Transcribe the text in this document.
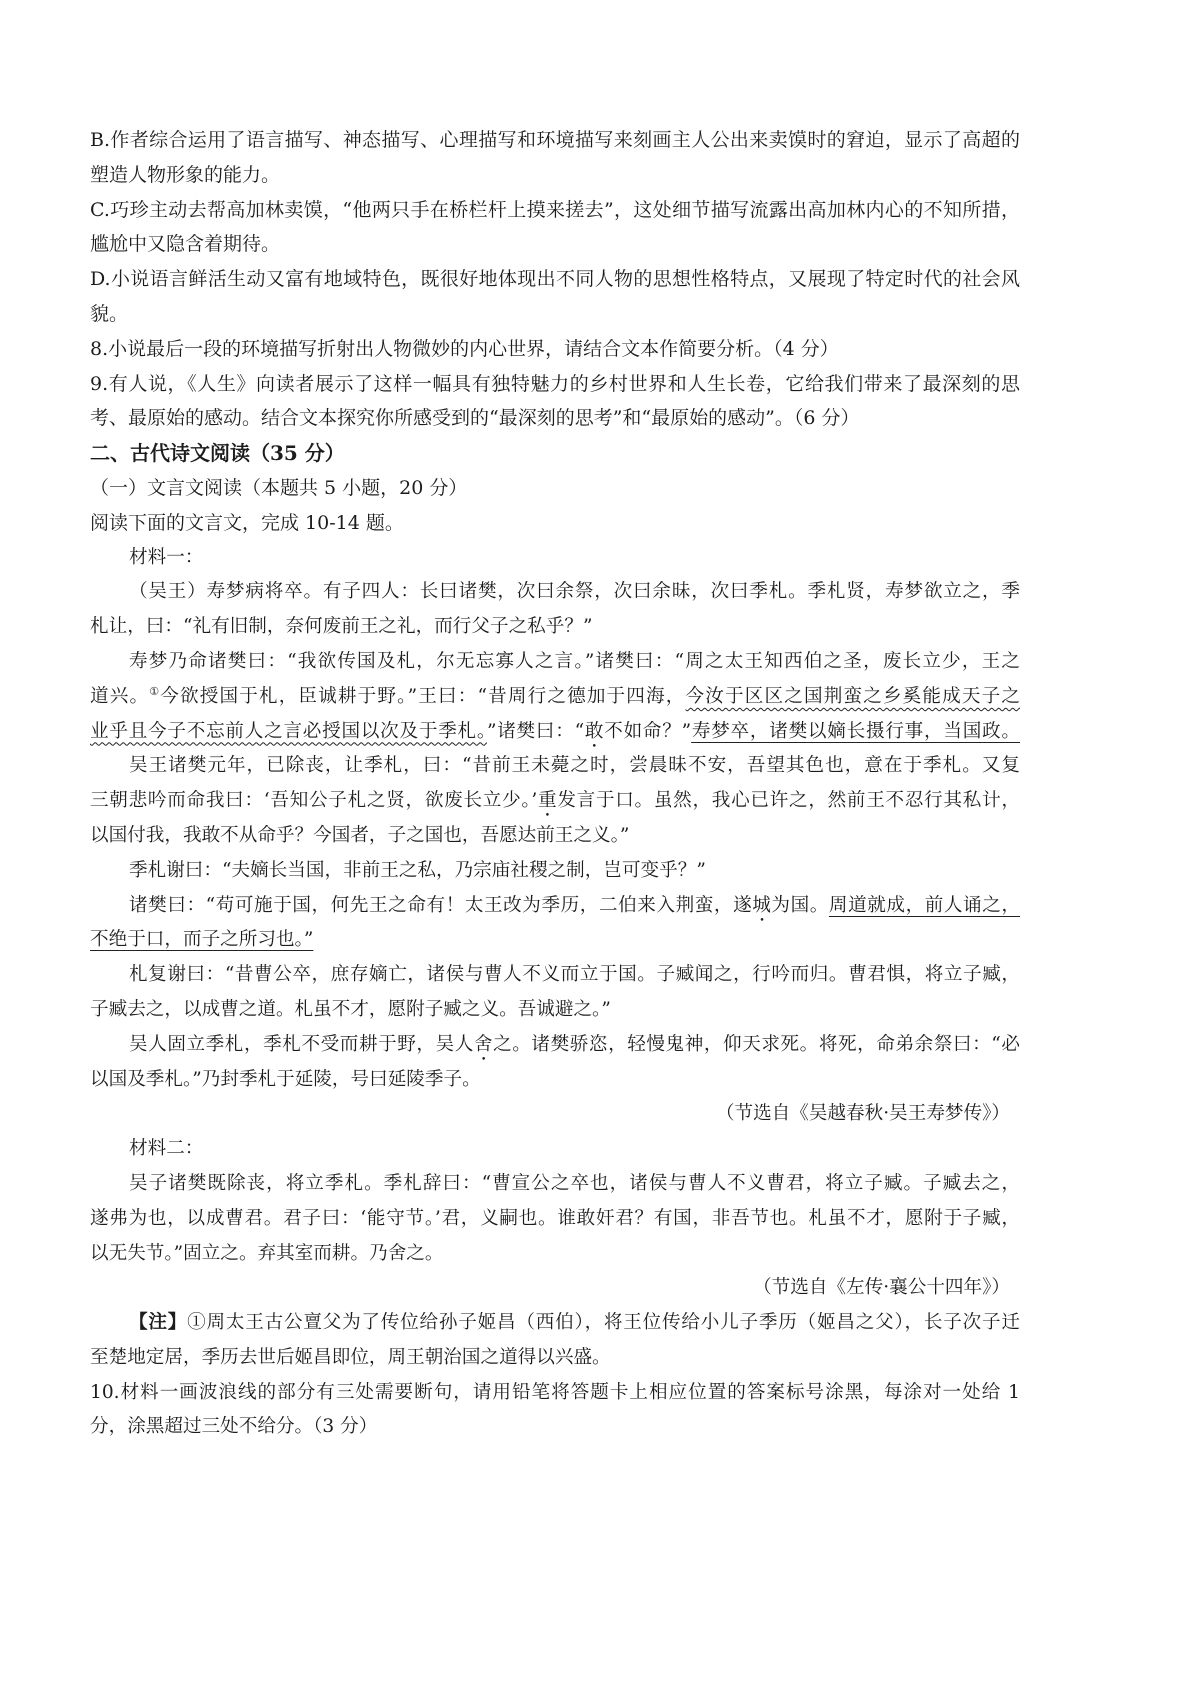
B.作者综合运用了语言描写、神态描写、心理描写和环境描写来刻画主人公出来卖馍时的窘迫，显示了高超的
塑造人物形象的能力。
C.巧珍主动去帮高加林卖馍，“他两只手在桥栏杆上摸来搓去”，这处细节描写流露出高加林内心的不知所措，
尴尬中又隐含着期待。
D.小说语言鲜活生动又富有地域特色，既很好地体现出不同人物的思想性格特点，又展现了特定时代的社会风
貌。
8.小说最后一段的环境描写折射出人物微妙的内心世界，请结合文本作简要分析。（4 分）
9.有人说，《人生》向读者展示了这样一幅具有独特魅力的乡村世界和人生长卷，它给我们带来了最深刻的思
考、最原始的感动。结合文本探究你所感受到的“最深刻的思考”和“最原始的感动”。（6 分）
二、古代诗文阅读（35 分）
（一）文言文阅读（本题共 5 小题，20 分）
阅读下面的文言文，完成 10-14 题。
材料一：
（吴王）寿梦病将卒。有子四人：长曰诸樊，次曰余祭，次曰余昧，次曰季札。季札贤，寿梦欲立之，季
札让，曰：“礼有旧制，奈何废前王之礼，而行父子之私乎？”
寿梦乃命诸樊曰：“我欲传国及札，尔无忘寡人之言。”诸樊曰：“周之太王知西伯之圣，废长立少，王之
道兴。①今欲授国于札，臣诚耕于野。”王曰：“昔周行之德加于四海，今汝于区区之国荆蛮之乡奚能成天子之
业乎且今子不忘前人之言必授国以次及于季札。”诸樊曰：“敢不如命？”寿梦卒，诸樊以嫡长摄行事，当国政。
吴王诸樊元年，已除丧，让季札，曰：“昔前王未薨之时，尝晨昧不安，吾望其色也，意在于季札。又复
三朝悲吟而命我曰：‘吾知公子札之贤，欲废长立少。’重发言于口。虽然，我心已许之，然前王不忍行其私计，
以国付我，我敢不从命乎？今国者，子之国也，吾愿达前王之义。”
季札谢曰：“夫嫡长当国，非前王之私，乃宗庙社稷之制，岂可变乎？”
诸樊曰：“苟可施于国，何先王之命有！太王改为季历，二伯来入荆蛮，遂城为国。周道就成，前人诵之，
不绝于口，而子之所习也。”
札复谢曰：“昔曹公卒，庶存嫡亡，诸侯与曹人不义而立于国。子臧闻之，行吟而归。曹君惧，将立子臧，
子臧去之，以成曹之道。札虽不才，愿附子臧之义。吾诚避之。”
吴人固立季札，季札不受而耕于野，吴人舍之。诸樊骄恣，轻慢鬼神，仰天求死。将死，命弟余祭曰：“必
以国及季札。”乃封季札于延陵，号曰延陵季子。
（节选自《吴越春秋·吴王寿梦传》）
材料二：
吴子诸樊既除丧，将立季札。季札辞曰：“曹宣公之卒也，诸侯与曹人不义曹君，将立子臧。子臧去之，
遂弗为也，以成曹君。君子曰：‘能守节。’君，义嗣也。谁敢奸君？有国，非吾节也。札虽不才，愿附于子臧，
以无失节。”固立之。弃其室而耕。乃舍之。
（节选自《左传·襄公十四年》）
【注】①周太王古公亶父为了传位给孙子姬昌（西伯），将王位传给小儿子季历（姬昌之父），长子次子迁
至楚地定居，季历去世后姬昌即位，周王朝治国之道得以兴盛。
10.材料一画波浪线的部分有三处需要断句，请用铅笔将答题卡上相应位置的答案标号涂黑，每涂对一处给 1
分，涂黑超过三处不给分。（3 分）
